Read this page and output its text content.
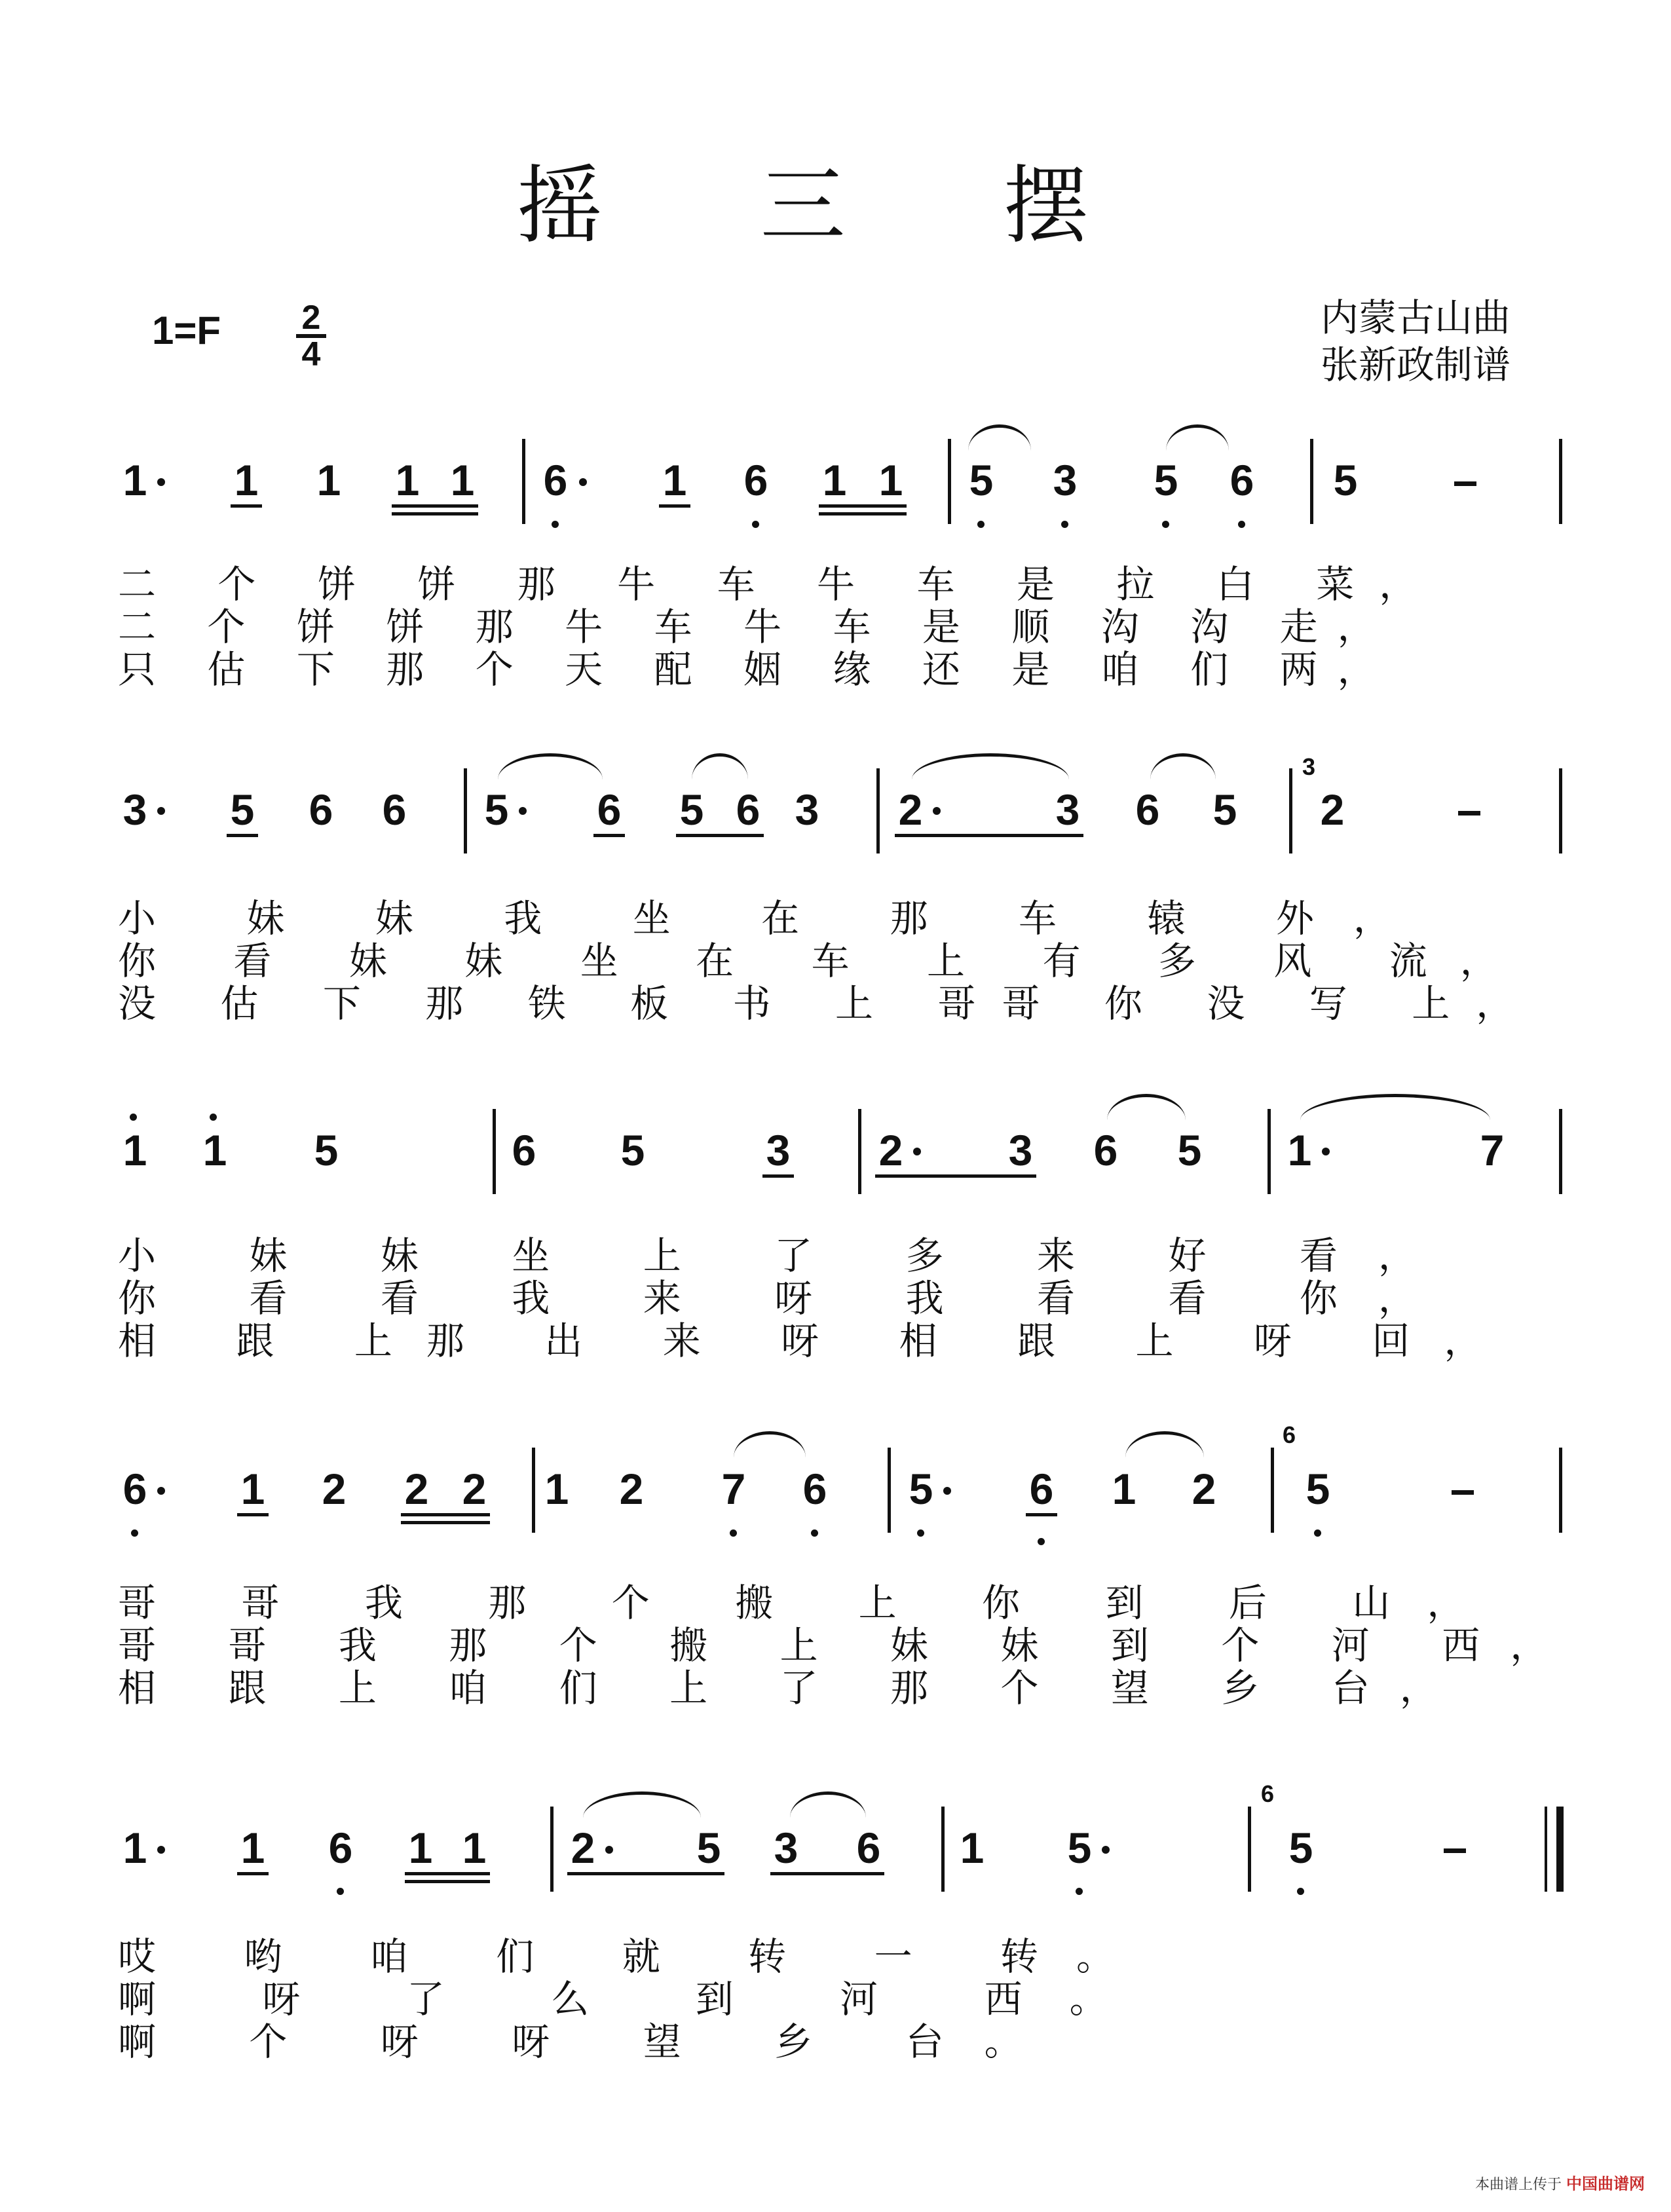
摇 三 摆
$1=F \frac{2}{4}$	内蒙古山曲
张新政制谱
1 1 1 1 1 6 1 6 1 1 5 3 5 6 5
二 个 饼 饼 那 牛 车 牛 车 是 拉 白 菜，
二 个 饼 饼 那 牛 车 牛 车 是 顺 沟 沟 走，
只 估 下 那 个 天 配 姻 缘 还 是 咱 们 两，
3 5 6 6 5 6 5 6 3 2	3 6 5
3
2
小 妹 妹 我 坐 在 那 车 辕 外，
你 看 妹 妹 坐 在 车 上 有 多 风 流，
没 估 下 那 铁 板 书 上 哥哥 你 没 写 上，
1 1 5	6 5	3 2 3 6 5 1	7
小 妹 妹 坐 上 了 多 来 好 看，
你 看 看 我 来 呀 我 看 看 你，
相 跟 上那 出 来 呀 相 跟 上 呀 回，
6 1 2 2 2 1 2 7 6 5 6 1 2
6
5
哥 哥 我 那 个 搬 上 你 到 后 山，
哥 哥 我 那 个 搬 上 妹 妹 到 个 河 西，
相 跟 上 咱 们 上 了 那 个 望 乡 台，
1 1 6 1 1 2 5 3 6 1 5
6
5
哎 哟 咱 们 就 转 一 转。
啊 呀 了 么 到 河 西。
啊 个 呀 呀 望 乡 台。
本曲谱上传于 中国曲谱网
